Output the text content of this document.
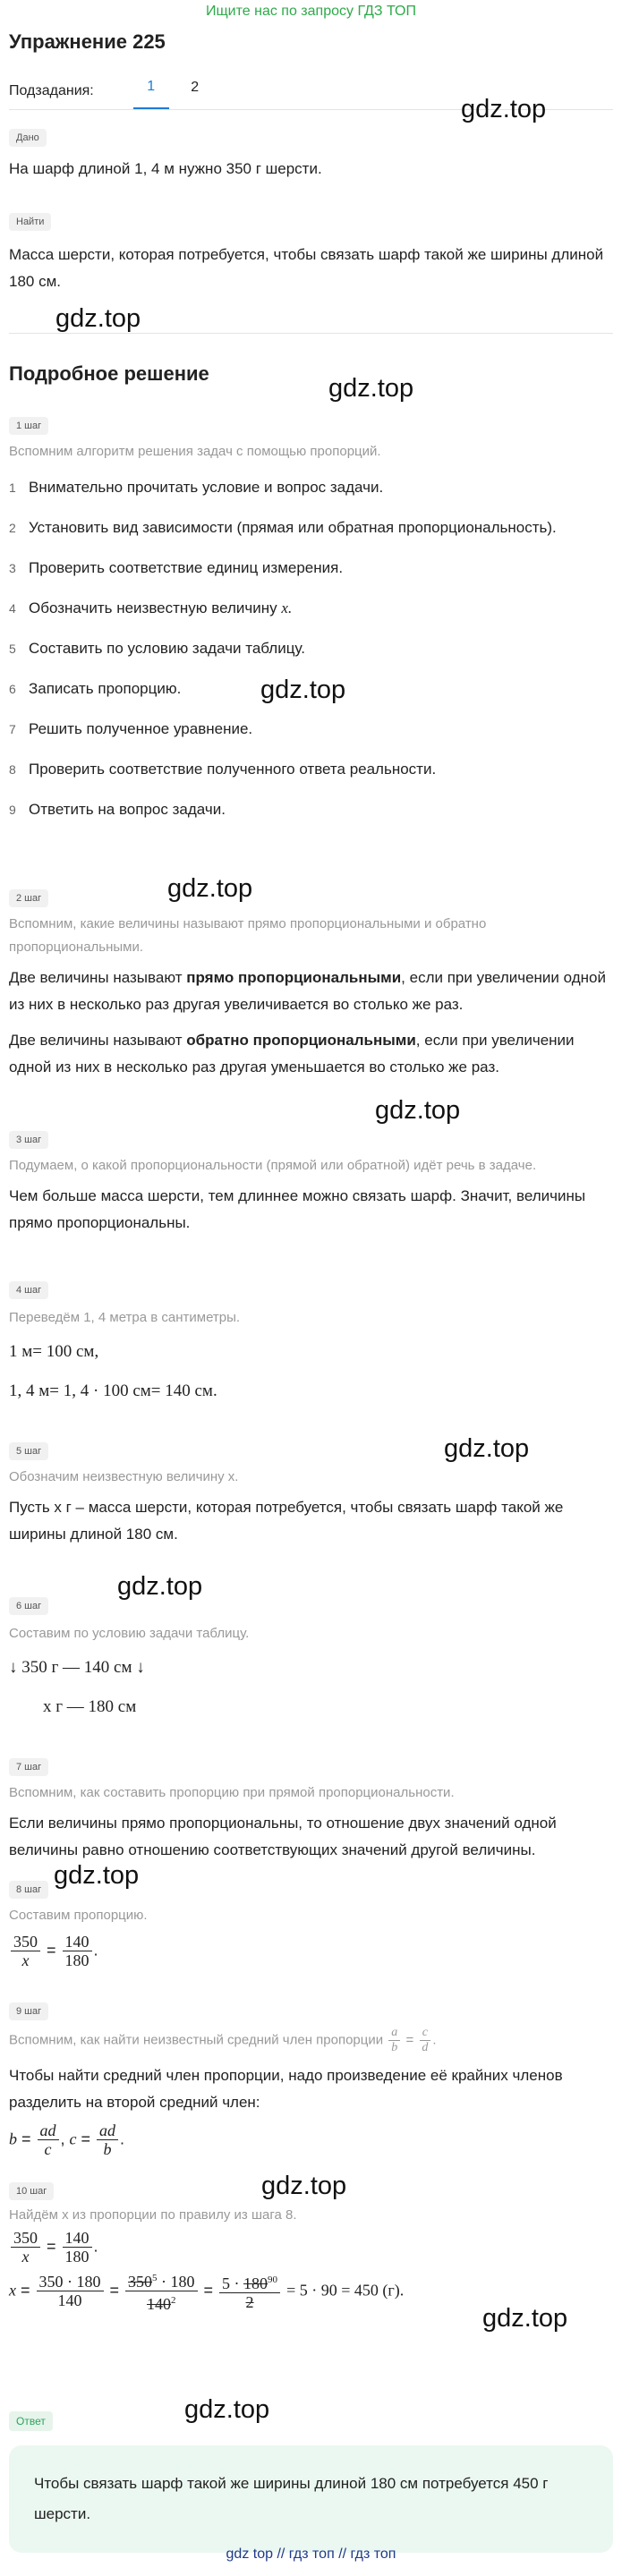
Ищите нас по запросу ГДЗ ТОП
Упражнение 225
Подзадания:	1	2
Дано

На шарф длиной 1, 4 м нужно 350 г шерсти.

Найти

Масса шерсти, которая потребуется, чтобы связать шарф такой же ширины длиной 180 см.

Подробное решение
1 шаг

Вспомним алгоритм решения задач с помощью пропорций.

1 Внимательно прочитать условие и вопрос задачи.
2 Установить вид зависимости (прямая или обратная пропорциональность).
3 Проверить соответствие единиц измерения.
4 Обозначить неизвестную величину x.
5 Составить по условию задачи таблицу.
6 Записать пропорцию.
7 Решить полученное уравнение.
8 Проверить соответствие полученного ответа реальности.
9 Ответить на вопрос задачи.
2 шаг

Вспомним, какие величины называют прямо пропорциональными и обратно пропорциональными.

Две величины называют прямо пропорциональными, если при увеличении одной из них в несколько раз другая увеличивается во столько же раз.

Две величины называют обратно пропорциональными, если при увеличении одной из них в несколько раз другая уменьшается во столько же раз.

3 шаг

Подумаем, о какой пропорциональности (прямой или обратной) идёт речь в задаче.

Чем больше масса шерсти, тем длиннее можно связать шарф. Значит, величины прямо пропорциональны.

4 шаг

Переведём 1, 4 метра в сантиметры.

1 м= 100 см,

1, 4 м= 1, 4 · 100 см= 140 см.

5 шаг

Обозначим неизвестную величину x.

Пусть x г – масса шерсти, которая потребуется, чтобы связать шарф такой же ширины длиной 180 см.

6 шаг

Составим по условию задачи таблицу.

↓ 350 г — 140 см ↓

x г — 180 см

7 шаг

Вспомним, как составить пропорцию при прямой пропорциональности.

Если величины прямо пропорциональны, то отношение двух значений одной величины равно отношению соответствующих значений другой величины.

8 шаг

Составим пропорцию.

$\frac{350}{x} = \frac{140}{180}$ .
9 шаг

Вспомним, как найти неизвестный средний член пропорции $\frac{a}{b} = \frac{c}{d}$ .

Чтобы найти средний член пропорции, надо произведение её крайних членов разделить на второй средний член:

$b = \frac{ad}{c}$ , $c = \frac{ad}{b}$ .
10 шаг

Найдём x из пропорции по правилу из шага 8.

$\frac{350}{x} = \frac{140}{180}$ .
$x = \frac{350 \cdot 180}{140} = \frac{350^5 \cdot 180}{140^2} = \frac{5 \cdot 180^{90}}{2} = 5 \cdot 90 = 450$ (г).
Ответ
Чтобы связать шарф такой же ширины длиной 180 см потребуется 450 г шерсти.
gdz.top
gdz.top
gdz.top
gdz.top
gdz.top
gdz.top
gdz.top
gdz.top
gdz.top
gdz.top
gdz.top
gdz.top
gdz top // гдз топ // гдз топ
